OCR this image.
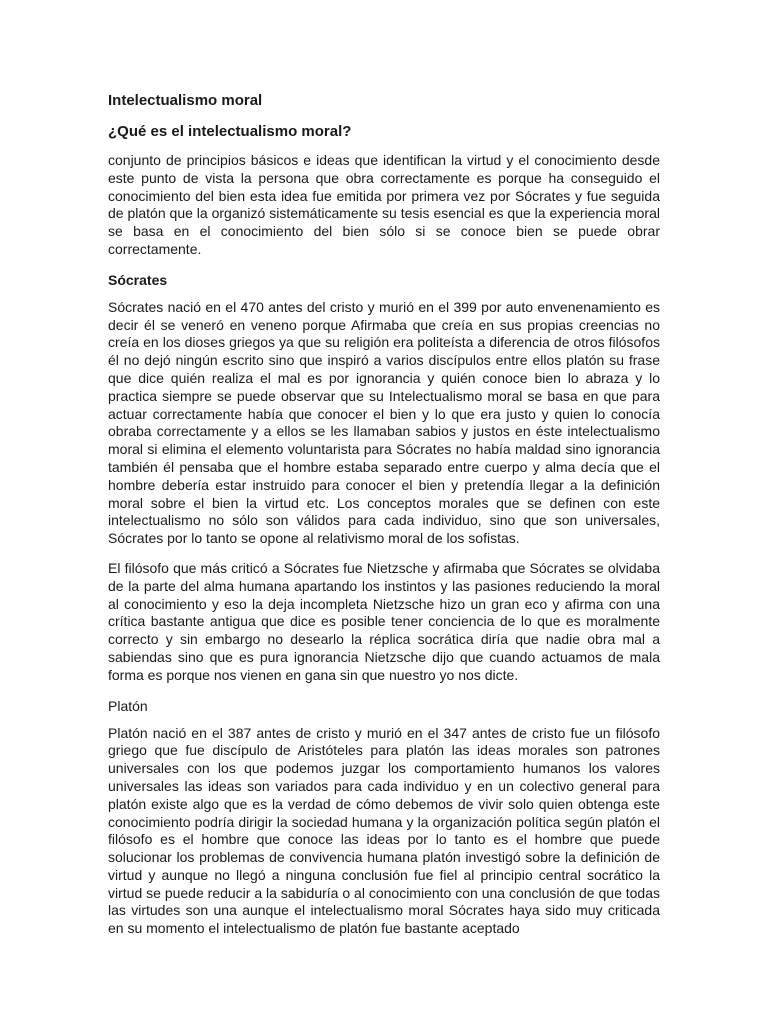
Intelectualismo moral
¿Qué es el intelectualismo moral?

conjunto de principios básicos e ideas que identifican la virtud y el conocimiento desde este punto de vista la persona que obra correctamente es porque ha conseguido el conocimiento del bien esta idea fue emitida por primera vez por Sócrates y fue seguida de platón que la organizó sistemáticamente su tesis esencial es que la experiencia moral se basa en el conocimiento del bien sólo si se conoce bien se puede obrar correctamente.

Sócrates

Sócrates nació en el 470 antes del cristo y murió en el 399 por auto envenenamiento es decir él se veneró en veneno porque Afirmaba que creía en sus propias creencias no creía en los dioses griegos ya que su religión era politeísta a diferencia de otros filósofos él no dejó ningún escrito sino que inspiró a varios discípulos entre ellos platón su frase que dice quién realiza el mal es por ignorancia y quién conoce bien lo abraza y lo practica siempre se puede observar que su Intelectualismo moral se basa en que para actuar correctamente había que conocer el bien y lo que era justo y quien lo conocía obraba correctamente y a ellos se les llamaban sabios y justos en éste intelectualismo moral si elimina el elemento voluntarista para Sócrates no había maldad sino ignorancia también él pensaba que el hombre estaba separado entre cuerpo y alma decía que el hombre debería estar instruido para conocer el bien y pretendía llegar a la definición moral sobre el bien la virtud etc. Los conceptos morales que se definen con este intelectualismo no sólo son válidos para cada individuo, sino que son universales, Sócrates por lo tanto se opone al relativismo moral de los sofistas.

El filósofo que más criticó a Sócrates fue Nietzsche y afirmaba que Sócrates se olvidaba de la parte del alma humana apartando los instintos y las pasiones reduciendo la moral al conocimiento y eso la deja incompleta Nietzsche hizo un gran eco y afirma con una crítica bastante antigua que dice es posible tener conciencia de lo que es moralmente correcto y sin embargo no desearlo la réplica socrática diría que nadie obra mal a sabiendas sino que es pura ignorancia Nietzsche dijo que cuando actuamos de mala forma es porque nos vienen en gana sin que nuestro yo nos dicte.

Platón

Platón nació en el 387 antes de cristo y murió en el 347 antes de cristo fue un filósofo griego que fue discípulo de Aristóteles para platón las ideas morales son patrones universales con los que podemos juzgar los comportamiento humanos los valores universales las ideas son variados para cada individuo y en un colectivo general para platón existe algo que es la verdad de cómo debemos de vivir solo quien obtenga este conocimiento podría dirigir la sociedad humana y la organización política según platón el filósofo es el hombre que conoce las ideas por lo tanto es el hombre que puede solucionar los problemas de convivencia humana platón investigó sobre la definición de virtud y aunque no llegó a ninguna conclusión fue fiel al principio central socrático la virtud se puede reducir a la sabiduría o al conocimiento con una conclusión de que todas las virtudes son una aunque el intelectualismo moral Sócrates haya sido muy criticada en su momento el intelectualismo de platón fue bastante aceptado
